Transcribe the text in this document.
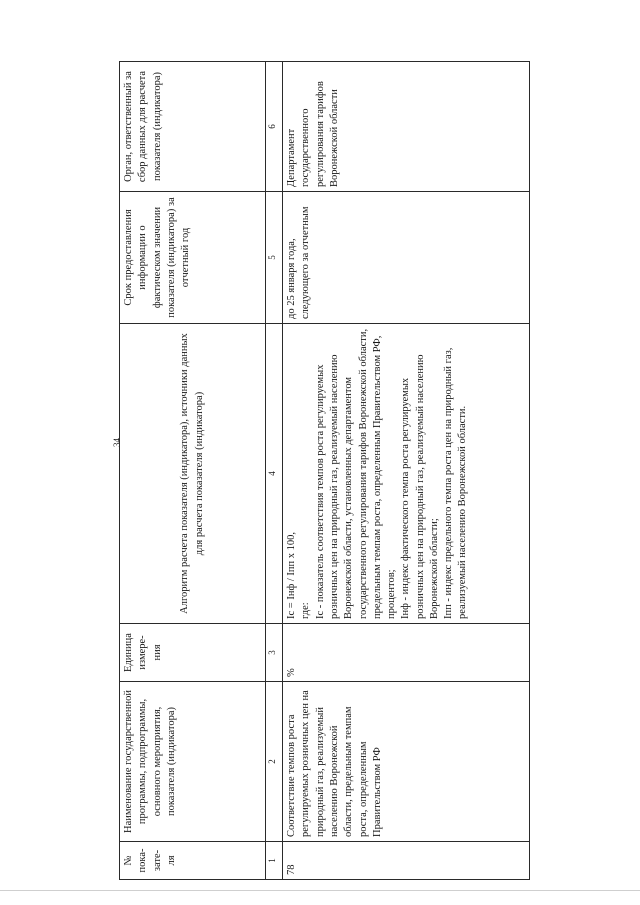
34
№ пока-зате-ля	Наименование государственной программы, подпрограммы, основного мероприятия, показателя (индикатора)	Единица измере-ния	Алгоритм расчета показателя (индикатора), источники данных для расчета показателя (индикатора)	Срок предоставления информации о фактическом значении показателя (индикатора) за отчетный год	Орган, ответственный за сбор данных для расчета показателя (индикатора)
1	2	3	4	5	6
78	Соответствие темпов роста регулируемых розничных цен на природный газ, реализуемый населению Воронежской области, предельным темпам роста, определенным Правительством РФ	%	Ic = Iнф / Iпп x 100, где: Ic - показатель соответствия темпов роста регулируемых розничных цен на природный газ, реализуемый населению Воронежской области, установленных департаментом государственного регулирования тарифов Воронежской области, предельным темпам роста, определенным Правительством РФ, процентов; Iнф - индекс фактического темпа роста регулируемых розничных цен на природный газ, реализуемый населению Воронежской области; Iпп - индекс предельного темпа роста цен на природный газ, реализуемый населению Воронежской области.	до 25 января года, следующего за отчетным	Департамент государственного регулирования тарифов Воронежской области
